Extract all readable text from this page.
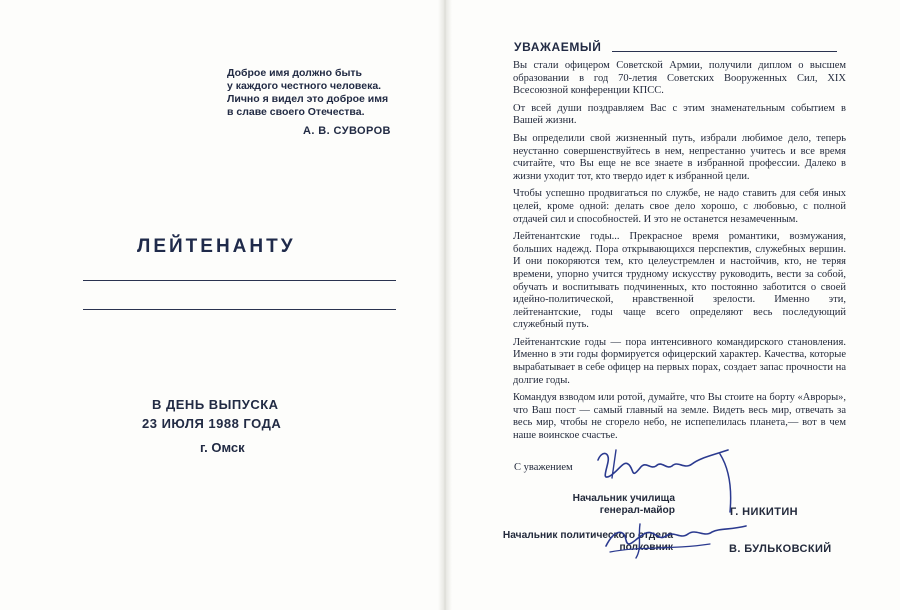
Доброе имя должно быть
у каждого честного человека.
Лично я видел это доброе имя
в славе своего Отечества.
А. В. СУВОРОВ
ЛЕЙТЕНАНТУ
В ДЕНЬ ВЫПУСКА
23 ИЮЛЯ 1988 ГОДА
г. Омск
УВАЖАЕМЫЙ

Вы стали офицером Советской Армии, получили диплом о высшем образовании в год 70-летия Советских Вооруженных Сил, XIX Всесоюзной конференции КПСС.

От всей души поздравляем Вас с этим знаменательным событием в Вашей жизни.

Вы определили свой жизненный путь, избрали любимое дело, теперь неустанно совершенствуйтесь в нем, непрестанно учитесь и все время считайте, что Вы еще не все знаете в избранной профессии. Далеко в жизни уходит тот, кто твердо идет к избранной цели.

Чтобы успешно продвигаться по службе, не надо ставить для себя иных целей, кроме одной: делать свое дело хорошо, с любовью, с полной отдачей сил и способностей. И это не останется незамеченным.

Лейтенантские годы... Прекрасное время романтики, возмужания, больших надежд. Пора открывающихся перспектив, служебных вершин. И они покоряются тем, кто целеустремлен и настойчив, кто, не теряя времени, упорно учится трудному искусству руководить, вести за собой, обучать и воспитывать подчиненных, кто постоянно заботится о своей идейно-политической, нравственной зрелости. Именно эти, лейтенантские, годы чаще всего определяют весь последующий служебный путь.

Лейтенантские годы — пора интенсивного командирского становления. Именно в эти годы формируется офицерский характер. Качества, которые вырабатывает в себе офицер на первых порах, создает запас прочности на долгие годы.

Командуя взводом или ротой, думайте, что Вы стоите на борту «Авроры», что Ваш пост — самый главный на земле. Видеть весь мир, отвечать за весь мир, чтобы не сгорело небо, не испепелилась планета,— вот в чем наше воинское счастье.

С уважением
Начальник училища
генерал-майор	Г. НИКИТИН
Начальник политического отдела
полковник	В. БУЛЬКОВСКИЙ
